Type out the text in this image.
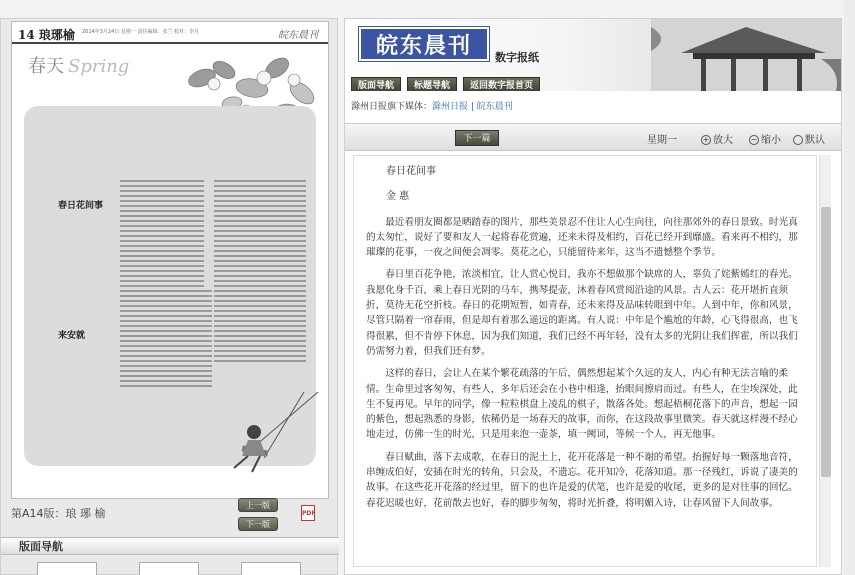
14 琅琊榆 2014年3月24日 星期一 责任编辑：张兰 校对：李丹	皖东晨刊
春天 Spring
春日花间事
来安就
第A14版：琅 琊 榆
上一版
下一版
PDF
版面导航
皖东晨刊	数字报纸
版面导航 标题导航 返回数字报首页
滁州日报旗下媒体：滁州日报 | 皖东晨刊
下一篇	星期一	+ 放大 − 缩小	默认
春日花间事
金 惠

最近看朋友圈都是晒踏春的图片，那些美景忍不住让人心生向往，向往那郊外的春日景致。时光真的太匆忙，说好了要和友人一起将春花赏遍，还来未得及相约，百花已经开到靡盛。看来再不相约，那璀璨的花事，一夜之间便会凋零。莫花之心，只能留待来年，这当不遗憾整个季节。

春日里百花争艳，浓淡相宜，让人赏心悦目，我亦不想做那个缺席的人，辜负了姹紫嫣红的春光。我愿化身千百，乘上春日光阴的马车，携琴提壶，沐着春风赏阅沿途的风景。古人云：花开堪折直须折，莫待无花空折枝。春日的花期短暂，如青春，还未来得及品味转眼到中年。人到中年，你和风景，尽管只隔着一帘春雨，但是却有着那么遥远的距离。有人说：中年是个尴尬的年龄，心飞得很高，也飞得很累，但不肯停下休息，因为我们知道，我们已经不再年轻，没有太多的光阴让我们挥霍，所以我们仍需努力着，但我们还有梦。

这样的春日，会让人在某个繁花疏落的午后，偶然想起某个久远的友人，内心有种无法言喻的柔情。生命里过客匆匆，有些人，多年后还会在小巷中相逢，抬眼间擦肩而过。有些人，在尘埃深处，此生不复再见。早年的同学，像一粒粒棋盘上凌乱的棋子，散落各处。想起梧桐花落下的声音，想起一园的紫色，想起熟悉的身影，依稀仍是一场春天的故事，而你，在这段故事里微笑。春天就这样漫不经心地走过，仿佛一生的时光，只是用来泡一壶茶，填一阙词，等候一个人，再无他事。

春日赋曲，落下去成歌，在春日的泥土上，花开花落是一种不谢的希望。抬握好每一颗落地音符，串缠成伯好，安插在时光的转角，只会及，不遗忘。花开知冷，花落知道。那一径残红，诉说了凄美的故事。在这些花开花落的经过里，留下的也许是爱的伏笔，也许是爱的收尾，更多的是对往事的回忆。春花迟暖也好，花前散去也好，春的脚步匆匆，将时光折叠，将明媚入诗，让春风留下人间故事。
